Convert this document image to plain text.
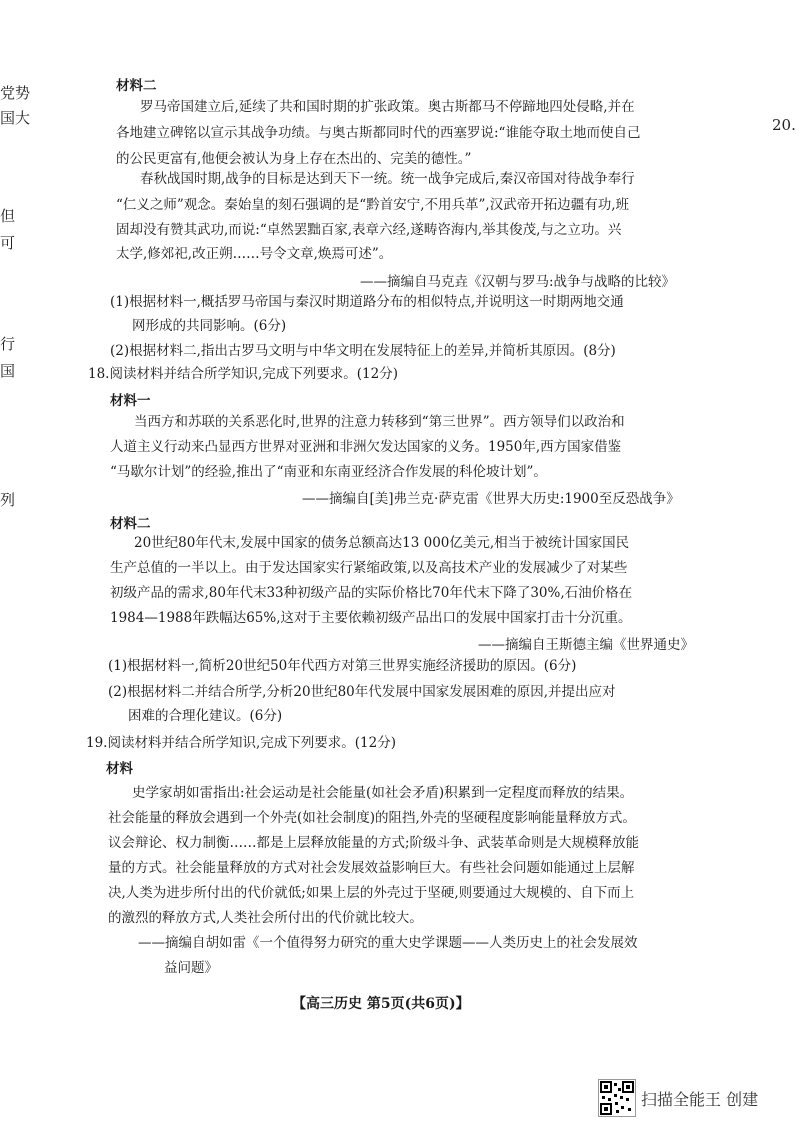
党势
国大
但
可
行
国
列
20.
材料二
罗马帝国建立后,延续了共和国时期的扩张政策。奥古斯都马不停蹄地四处侵略,并在
各地建立碑铭以宣示其战争功绩。与奥古斯都同时代的西塞罗说:“谁能夺取土地而使自己
的公民更富有,他便会被认为身上存在杰出的、完美的德性。”
春秋战国时期,战争的目标是达到天下一统。统一战争完成后,秦汉帝国对待战争奉行
“仁义之师”观念。秦始皇的刻石强调的是“黔首安宁,不用兵革”,汉武帝开拓边疆有功,班
固却没有赞其武功,而说:“卓然罢黜百家,表章六经,遂畴咨海内,举其俊茂,与之立功。兴
太学,修郊祀,改正朔……号令文章,焕焉可述”。
——摘编自马克垚《汉朝与罗马:战争与战略的比较》
(1)根据材料一,概括罗马帝国与秦汉时期道路分布的相似特点,并说明这一时期两地交通
网形成的共同影响。(6分)
(2)根据材料二,指出古罗马文明与中华文明在发展特征上的差异,并简析其原因。(8分)
18.阅读材料并结合所学知识,完成下列要求。(12分)
材料一
当西方和苏联的关系恶化时,世界的注意力转移到“第三世界”。西方领导们以政治和
人道主义行动来凸显西方世界对亚洲和非洲欠发达国家的义务。1950年,西方国家借鉴
“马歇尔计划”的经验,推出了“南亚和东南亚经济合作发展的科伦坡计划”。
——摘编自[美]弗兰克·萨克雷《世界大历史:1900至反恐战争》
材料二
20世纪80年代末,发展中国家的债务总额高达13 000亿美元,相当于被统计国家国民
生产总值的一半以上。由于发达国家实行紧缩政策,以及高技术产业的发展减少了对某些
初级产品的需求,80年代末33种初级产品的实际价格比70年代末下降了30%,石油价格在
1984—1988年跌幅达65%,这对于主要依赖初级产品出口的发展中国家打击十分沉重。
——摘编自王斯德主编《世界通史》
(1)根据材料一,简析20世纪50年代西方对第三世界实施经济援助的原因。(6分)
(2)根据材料二并结合所学,分析20世纪80年代发展中国家发展困难的原因,并提出应对
困难的合理化建议。(6分)
19.阅读材料并结合所学知识,完成下列要求。(12分)
材料
史学家胡如雷指出:社会运动是社会能量(如社会矛盾)积累到一定程度而释放的结果。
社会能量的释放会遇到一个外壳(如社会制度)的阻挡,外壳的坚硬程度影响能量释放方式。
议会辩论、权力制衡……都是上层释放能量的方式;阶级斗争、武装革命则是大规模释放能
量的方式。社会能量释放的方式对社会发展效益影响巨大。有些社会问题如能通过上层解
决,人类为进步所付出的代价就低;如果上层的外壳过于坚硬,则要通过大规模的、自下而上
的激烈的释放方式,人类社会所付出的代价就比较大。
——摘编自胡如雷《一个值得努力研究的重大史学课题——人类历史上的社会发展效
益问题》
【高三历史 第5页(共6页)】
扫描全能王 创建
